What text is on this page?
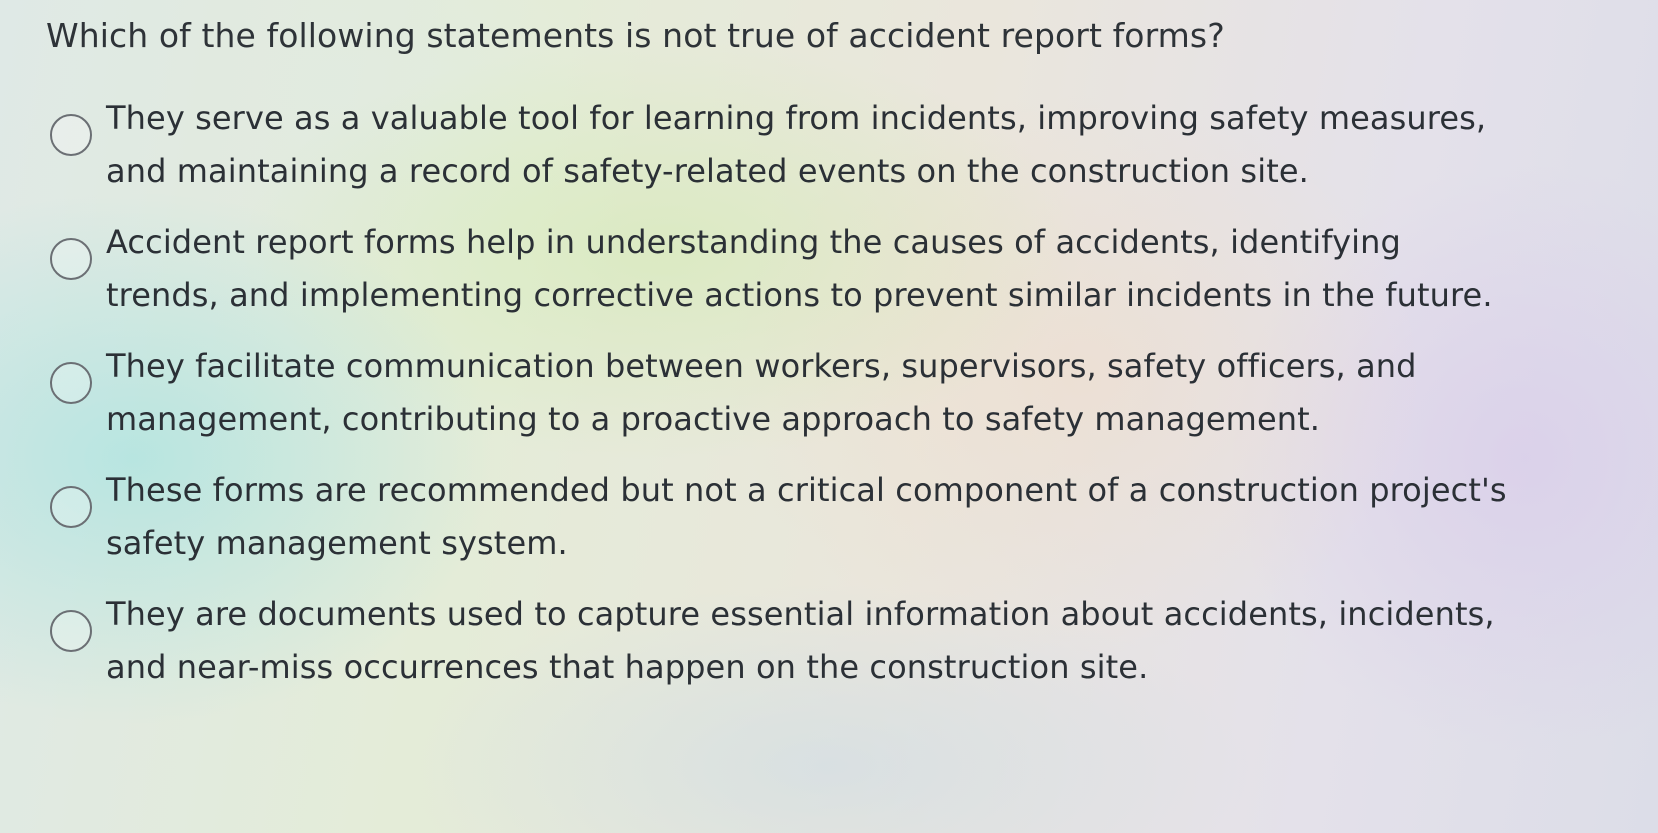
Which of the following statements is not true of accident report forms?
They serve as a valuable tool for learning from incidents, improving safety measures, and maintaining a record of safety-related events on the construction site.
Accident report forms help in understanding the causes of accidents, identifying trends, and implementing corrective actions to prevent similar incidents in the future.
They facilitate communication between workers, supervisors, safety officers, and management, contributing to a proactive approach to safety management.
These forms are recommended but not a critical component of a construction project's safety management system.
They are documents used to capture essential information about accidents, incidents, and near-miss occurrences that happen on the construction site.
